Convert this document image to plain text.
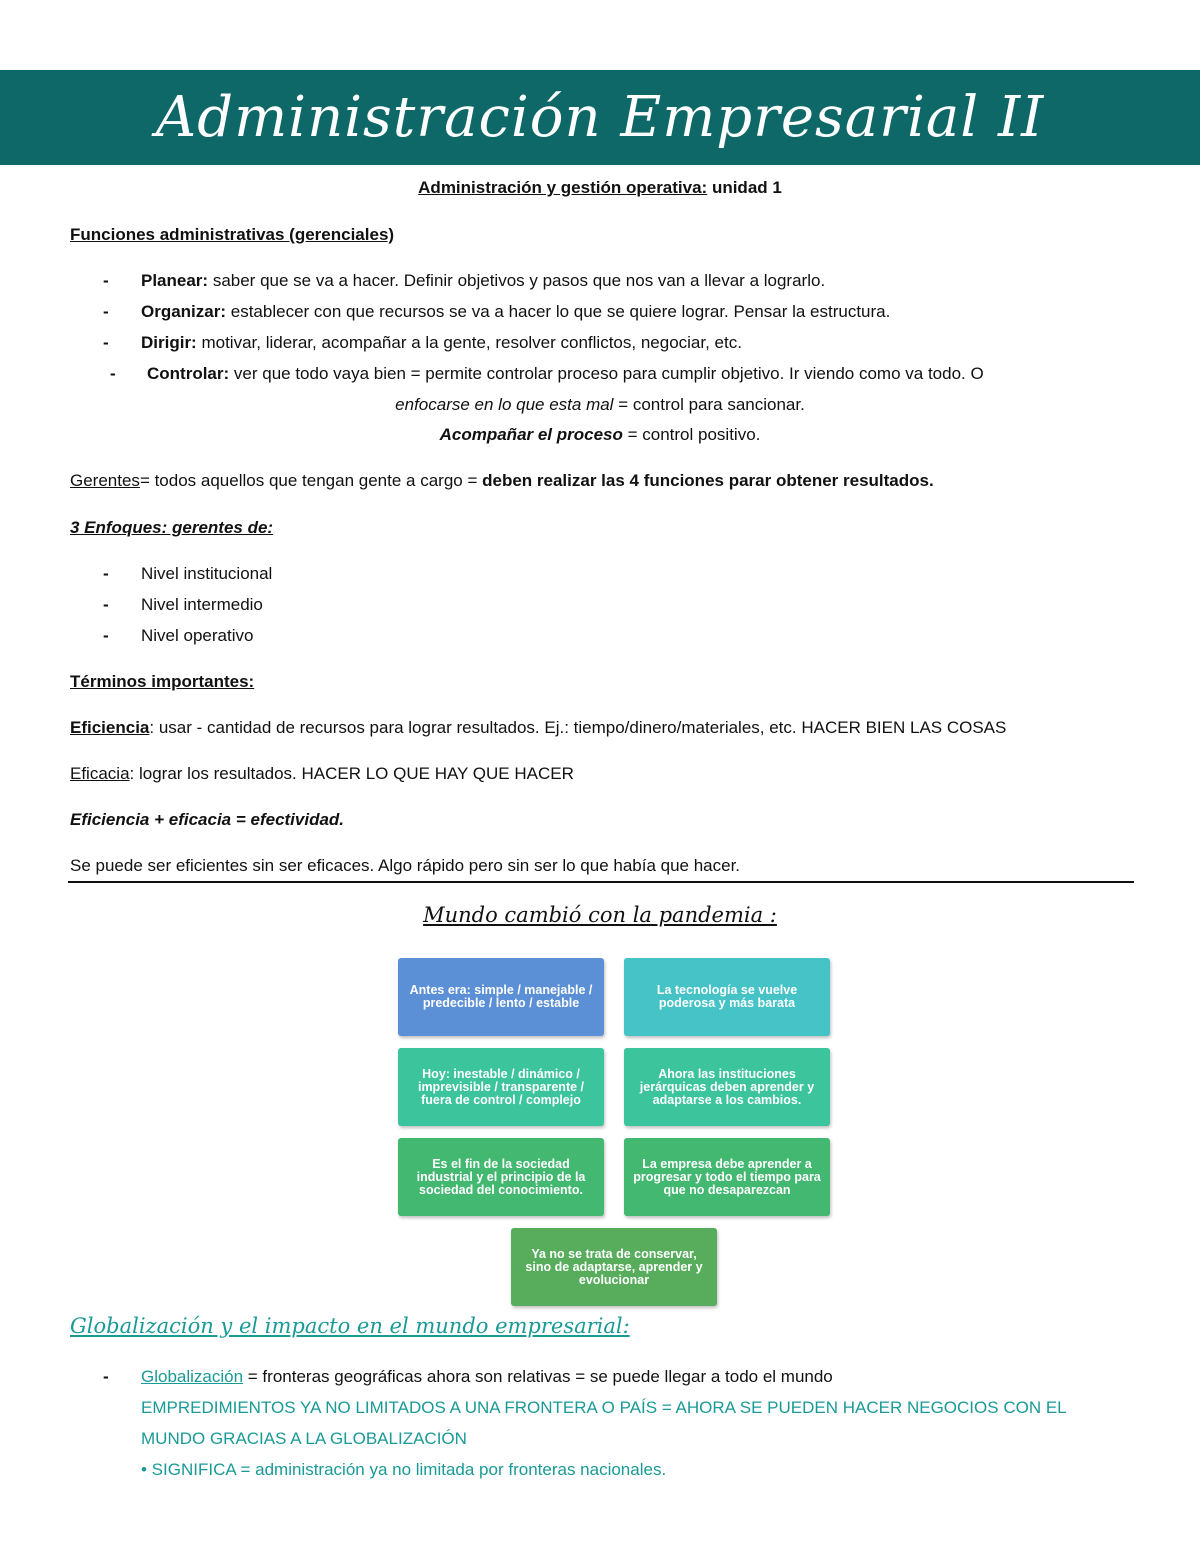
Administración Empresarial II
Administración y gestión operativa: unidad 1
Funciones administrativas (gerenciales)
- Planear: saber que se va a hacer. Definir objetivos y pasos que nos van a llevar a lograrlo.
- Organizar: establecer con que recursos se va a hacer lo que se quiere lograr. Pensar la estructura.
- Dirigir: motivar, liderar, acompañar a la gente, resolver conflictos, negociar, etc.
- Controlar: ver que todo vaya bien = permite controlar proceso para cumplir objetivo. Ir viendo como va todo. O
enfocarse en lo que esta mal = control para sancionar.
Acompañar el proceso = control positivo.
Gerentes= todos aquellos que tengan gente a cargo = deben realizar las 4 funciones parar obtener resultados.
3 Enfoques: gerentes de:
- Nivel institucional
- Nivel intermedio
- Nivel operativo
Términos importantes:
Eficiencia: usar - cantidad de recursos para lograr resultados. Ej.: tiempo/dinero/materiales, etc. HACER BIEN LAS COSAS
Eficacia: lograr los resultados. HACER LO QUE HAY QUE HACER
Eficiencia + eficacia = efectividad.
Se puede ser eficientes sin ser eficaces. Algo rápido pero sin ser lo que había que hacer.
Mundo cambió con la pandemia :
Antes era: simple / manejable / predecible / lento / estable
La tecnología se vuelve poderosa y más barata
Hoy: inestable / dinámico / imprevisible / transparente / fuera de control / complejo
Ahora las instituciones jerárquicas deben aprender y adaptarse a los cambios.
Es el fin de la sociedad industrial y el principio de la sociedad del conocimiento.
La empresa debe aprender a progresar y todo el tiempo para que no desaparezcan
Ya no se trata de conservar, sino de adaptarse, aprender y evolucionar
Globalización y el impacto en el mundo empresarial:
- Globalización = fronteras geográficas ahora son relativas = se puede llegar a todo el mundo
EMPREDIMIENTOS YA NO LIMITADOS A UNA FRONTERA O PAÍS = AHORA SE PUEDEN HACER NEGOCIOS CON EL
MUNDO GRACIAS A LA GLOBALIZACIÓN
• SIGNIFICA = administración ya no limitada por fronteras nacionales.
